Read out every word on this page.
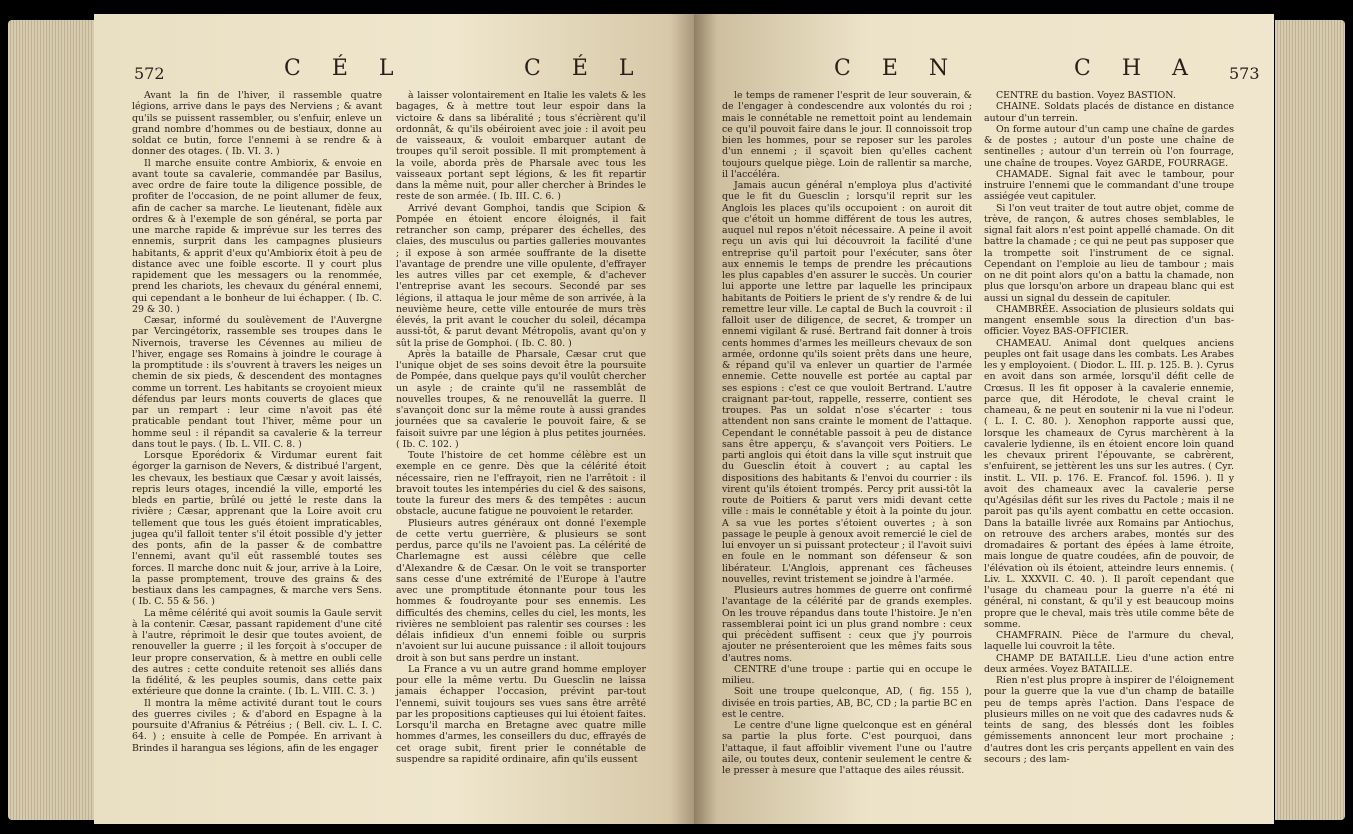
572	C É L	C É L

Avant la fin de l'hiver, il rassemble quatre légions, arrive dans le pays des Nerviens ; & avant qu'ils se puissent rassembler, ou s'enfuir, enleve un grand nombre d'hommes ou de bestiaux, donne au soldat ce butin, force l'ennemi à se rendre & à donner des otages. ( Ib. VI. 3. )

Il marche ensuite contre Ambiorix, & envoie en avant toute sa cavalerie, commandée par Basilus, avec ordre de faire toute la diligence possible, de profiter de l'occasion, de ne point allumer de feux, afin de cacher sa marche. Le lieutenant, fidèle aux ordres & à l'exemple de son général, se porta par une marche rapide & imprévue sur les terres des ennemis, surprit dans les campagnes plusieurs habitants, & apprit d'eux qu'Ambiorix étoit à peu de distance avec une foible escorte. Il y court plus rapidement que les messagers ou la renommée, prend les chariots, les chevaux du général ennemi, qui cependant a le bonheur de lui échapper. ( Ib. C. 29 & 30. )

Cæsar, informé du soulèvement de l'Auvergne par Vercingétorix, rassemble ses troupes dans le Nivernois, traverse les Cévennes au milieu de l'hiver, engage ses Romains à joindre le courage à la promptitude : ils s'ouvrent à travers les neiges un chemin de six pieds, & descendent des montagnes comme un torrent. Les habitants se croyoient mieux défendus par leurs monts couverts de glaces que par un rempart : leur cime n'avoit pas été praticable pendant tout l'hiver, même pour un homme seul : il répandit sa cavalerie & la terreur dans tout le pays. ( Ib. L. VII. C. 8. )

Lorsque Eporédorix & Virdumar eurent fait égorger la garnison de Nevers, & distribué l'argent, les chevaux, les bestiaux que Cæsar y avoit laissés, repris leurs otages, incendié la ville, emporté les bleds en partie, brûlé ou jetté le reste dans la rivière ; Cæsar, apprenant que la Loire avoit cru tellement que tous les gués étoient impraticables, jugea qu'il falloit tenter s'il étoit possible d'y jetter des ponts, afin de la passer & de combattre l'ennemi, avant qu'il eût rassemblé toutes ses forces. Il marche donc nuit & jour, arrive à la Loire, la passe promptement, trouve des grains & des bestiaux dans les campagnes, & marche vers Sens. ( Ib. C. 55 & 56. )

La même célérité qui avoit soumis la Gaule servit à la contenir. Cæsar, passant rapidement d'une cité à l'autre, réprimoit le desir que toutes avoient, de renouveller la guerre ; il les forçoit à s'occuper de leur propre conservation, & à mettre en oubli celle des autres : cette conduite retenoit ses alliés dans la fidélité, & les peuples soumis, dans cette paix extérieure que donne la crainte. ( Ib. L. VIII. C. 3. )

Il montra la même activité durant tout le cours des guerres civiles ; & d'abord en Espagne à la poursuite d'Afranius & Pétréius ; ( Bell. civ. L. I. C. 64. ) ; ensuite à celle de Pompée. En arrivant à Brindes il harangua ses légions, afin de les engager

à laisser volontairement en Italie les valets & les bagages, & à mettre tout leur espoir dans la victoire & dans sa libéralité ; tous s'écrièrent qu'il ordonnât, & qu'ils obéiroient avec joie : il avoit peu de vaisseaux, & vouloit embarquer autant de troupes qu'il seroit possible. Il mit promptement à la voile, aborda près de Pharsale avec tous les vaisseaux portant sept légions, & les fit repartir dans la même nuit, pour aller chercher à Brindes le reste de son armée. ( Ib. III. C. 6. )

Arrivé devant Gomphoi, tandis que Scipion & Pompée en étoient encore éloignés, il fait retrancher son camp, préparer des échelles, des claies, des musculus ou parties galleries mouvantes ; il expose à son armée souffrante de la disette l'avantage de prendre une ville opulente, d'effrayer les autres villes par cet exemple, & d'achever l'entreprise avant les secours. Secondé par ses légions, il attaqua le jour même de son arrivée, à la neuvième heure, cette ville entourée de murs très élevés, la prit avant le coucher du soleil, décampa aussi-tôt, & parut devant Métropolis, avant qu'on y sût la prise de Gomphoi. ( Ib. C. 80. )

Après la bataille de Pharsale, Cæsar crut que l'unique objet de ses soins devoit être la poursuite de Pompée, dans quelque pays qu'il voulût chercher un asyle ; de crainte qu'il ne rassemblât de nouvelles troupes, & ne renouvellât la guerre. Il s'avançoit donc sur la même route à aussi grandes journées que sa cavalerie le pouvoit faire, & se faisoit suivre par une légion à plus petites journées. ( Ib. C. 102. )

Toute l'histoire de cet homme célèbre est un exemple en ce genre. Dès que la célérité étoit nécessaire, rien ne l'effrayoit, rien ne l'arrêtoit : il bravoit toutes les intempéries du ciel & des saisons, toute la fureur des mers & des tempêtes : aucun obstacle, aucune fatigue ne pouvoient le retarder.

Plusieurs autres généraux ont donné l'exemple de cette vertu guerrière, & plusieurs se sont perdus, parce qu'ils ne l'avoient pas. La célérité de Charlemagne est aussi célèbre que celle d'Alexandre & de Cæsar. On le voit se transporter sans cesse d'une extrémité de l'Europe à l'autre avec une promptitude étonnante pour tous les hommes & foudroyante pour ses ennemis. Les difficultés des chemins, celles du ciel, les monts, les rivières ne sembloient pas ralentir ses courses : les délais infidieux d'un ennemi foible ou surpris n'avoient sur lui aucune puissance : il alloit toujours droit à son but sans perdre un instant.

La France a vu un autre grand homme employer pour elle la même vertu. Du Guesclin ne laissa jamais échapper l'occasion, prévint par-tout l'ennemi, suivit toujours ses vues sans être arrêté par les propositions captieuses qui lui étoient faites. Lorsqu'il marcha en Bretagne avec quatre mille hommes d'armes, les conseillers du duc, effrayés de cet orage subit, firent prier le connétable de suspendre sa rapidité ordinaire, afin qu'ils eussent

C E N	C H A 573

le temps de ramener l'esprit de leur souverain, & de l'engager à condescendre aux volontés du roi ; mais le connétable ne remettoit point au lendemain ce qu'il pouvoit faire dans le jour. Il connoissoit trop bien les hommes, pour se reposer sur les paroles d'un ennemi ; il sçavoit bien qu'elles cachent toujours quelque piège. Loin de rallentir sa marche, il l'accéléra.

Jamais aucun général n'employa plus d'activité que le fit du Guesclin ; lorsqu'il reprit sur les Anglois les places qu'ils occupoient : on auroit dit que c'étoit un homme différent de tous les autres, auquel nul repos n'étoit nécessaire. A peine il avoit reçu un avis qui lui découvroit la facilité d'une entreprise qu'il partoit pour l'exécuter, sans ôter aux ennemis le temps de prendre les précautions les plus capables d'en assurer le succès. Un courier lui apporte une lettre par laquelle les principaux habitants de Poitiers le prient de s'y rendre & de lui remettre leur ville. Le captal de Buch la couvroit : il falloit user de diligence, de secret, & tromper un ennemi vigilant & rusé. Bertrand fait donner à trois cents hommes d'armes les meilleurs chevaux de son armée, ordonne qu'ils soient prêts dans une heure, & répand qu'il va enlever un quartier de l'armée ennemie. Cette nouvelle est portée au captal par ses espions : c'est ce que vouloit Bertrand. L'autre craignant par-tout, rappelle, resserre, contient ses troupes. Pas un soldat n'ose s'écarter : tous attendent non sans crainte le moment de l'attaque. Cependant le connétable passoit à peu de distance sans être apperçu, & s'avançoit vers Poitiers. Le parti anglois qui étoit dans la ville sçut instruit que du Guesclin étoit à couvert ; au captal les dispositions des habitants & l'envoi du courrier : ils virent qu'ils étoient trompés. Percy prit aussi-tôt la route de Poitiers & parut vers midi devant cette ville : mais le connétable y étoit à la pointe du jour. A sa vue les portes s'étoient ouvertes ; à son passage le peuple à genoux avoit remercié le ciel de lui envoyer un si puissant protecteur ; il l'avoit suivi en foule en le nommant son défenseur & son libérateur. L'Anglois, apprenant ces fâcheuses nouvelles, revint tristement se joindre à l'armée.

Plusieurs autres hommes de guerre ont confirmé l'avantage de la célérité par de grands exemples. On les trouve répandus dans toute l'histoire. Je n'en rassemblerai point ici un plus grand nombre : ceux qui précèdent suffisent : ceux que j'y pourrois ajouter ne présenteroient que les mêmes faits sous d'autres noms.

CENTRE d'une troupe : partie qui en occupe le milieu.

Soit une troupe quelconque, AD, ( fig. 155 ), divisée en trois parties, AB, BC, CD ; la partie BC en est le centre.

Le centre d'une ligne quelconque est en général sa partie la plus forte. C'est pourquoi, dans l'attaque, il faut affoiblir vivement l'une ou l'autre aile, ou toutes deux, contenir seulement le centre & le presser à mesure que l'attaque des ailes réussit.

CENTRE du bastion. Voyez BASTION.

CHAINE. Soldats placés de distance en distance autour d'un terrein.

On forme autour d'un camp une chaîne de gardes & de postes ; autour d'un poste une chaîne de sentinelles ; autour d'un terrein où l'on fourrage, une chaîne de troupes. Voyez GARDE, FOURRAGE.

CHAMADE. Signal fait avec le tambour, pour instruire l'ennemi que le commandant d'une troupe assiégée veut capituler.

Si l'on veut traiter de tout autre objet, comme de trève, de rançon, & autres choses semblables, le signal fait alors n'est point appellé chamade. On dit battre la chamade ; ce qui ne peut pas supposer que la trompette soit l'instrument de ce signal. Cependant on l'emploie au lieu de tambour ; mais on ne dit point alors qu'on a battu la chamade, non plus que lorsqu'on arbore un drapeau blanc qui est aussi un signal du dessein de capituler.

CHAMBRÉE. Association de plusieurs soldats qui mangent ensemble sous la direction d'un bas-officier. Voyez BAS-OFFICIER.

CHAMEAU. Animal dont quelques anciens peuples ont fait usage dans les combats. Les Arabes les y employoient. ( Diodor. L. III. p. 125. B. ). Cyrus en avoit dans son armée, lorsqu'il défit celle de Crœsus. Il les fit opposer à la cavalerie ennemie, parce que, dit Hérodote, le cheval craint le chameau, & ne peut en soutenir ni la vue ni l'odeur. ( L. I. C. 80. ). Xenophon rapporte aussi que, lorsque les chameaux de Cyrus marchèrent à la cavalerie lydienne, ils en étoient encore loin quand les chevaux prirent l'épouvante, se cabrèrent, s'enfuirent, se jettèrent les uns sur les autres. ( Cyr. instit. L. VII. p. 176. E. Francof. fol. 1596. ). Il y avoit des chameaux avec la cavalerie perse qu'Agésilas défit sur les rives du Pactole ; mais il ne paroit pas qu'ils ayent combattu en cette occasion. Dans la bataille livrée aux Romains par Antiochus, on retrouve des archers arabes, montés sur des dromadaires & portant des épées à lame étroite, mais longue de quatre coudées, afin de pouvoir, de l'élévation où ils étoient, atteindre leurs ennemis. ( Liv. L. XXXVII. C. 40. ). Il paroît cependant que l'usage du chameau pour la guerre n'a été ni général, ni constant, & qu'il y est beaucoup moins propre que le cheval, mais très utile comme bête de somme.

CHAMFRAIN. Pièce de l'armure du cheval, laquelle lui couvroit la tête.

CHAMP DE BATAILLE. Lieu d'une action entre deux armées. Voyez BATAILLE.

Rien n'est plus propre à inspirer de l'éloignement pour la guerre que la vue d'un champ de bataille peu de temps après l'action. Dans l'espace de plusieurs milles on ne voit que des cadavres nuds & teints de sang, des blessés dont les foibles gémissements annoncent leur mort prochaine ; d'autres dont les cris perçants appellent en vain des secours ; des lam-
